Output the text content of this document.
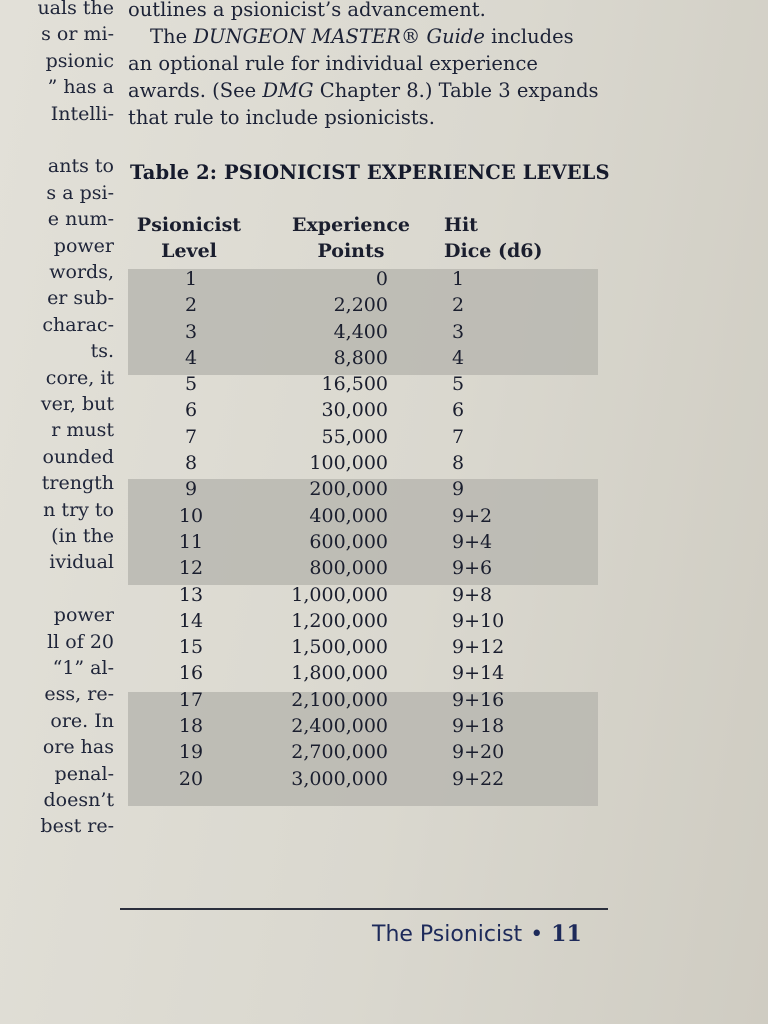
uals the
s or mi-
psionic
” has a
Intelli-
ants to
s a psi-
e num-
power
words,
er sub-
charac-
ts.
core, it
ver, but
r must
ounded
trength
n try to
(in the
ividual
power
ll of 20
“1” al-
ess, re-
ore. In
ore has
penal-
doesn’t
best re-

outlines a psionicist’s advancement.

The DUNGEON MASTER® Guide includes an optional rule for individual experience awards. (See DMG Chapter 8.) Table 3 expands that rule to include psionicists.

Table 2: PSIONICIST EXPERIENCE LEVELS
Psionicist
Level
Experience
Points
Hit
Dice (d6)
1	0	1
2	2,200	2
3	4,400	3
4	8,800	4
5	16,500	5
6	30,000	6
7	55,000	7
8	100,000	8
9	200,000	9
10	400,000	9+2
11	600,000	9+4
12	800,000	9+6
13	1,000,000	9+8
14	1,200,000	9+10
15	1,500,000	9+12
16	1,800,000	9+14
17	2,100,000	9+16
18	2,400,000	9+18
19	2,700,000	9+20
20	3,000,000	9+22
The Psionicist • 11
